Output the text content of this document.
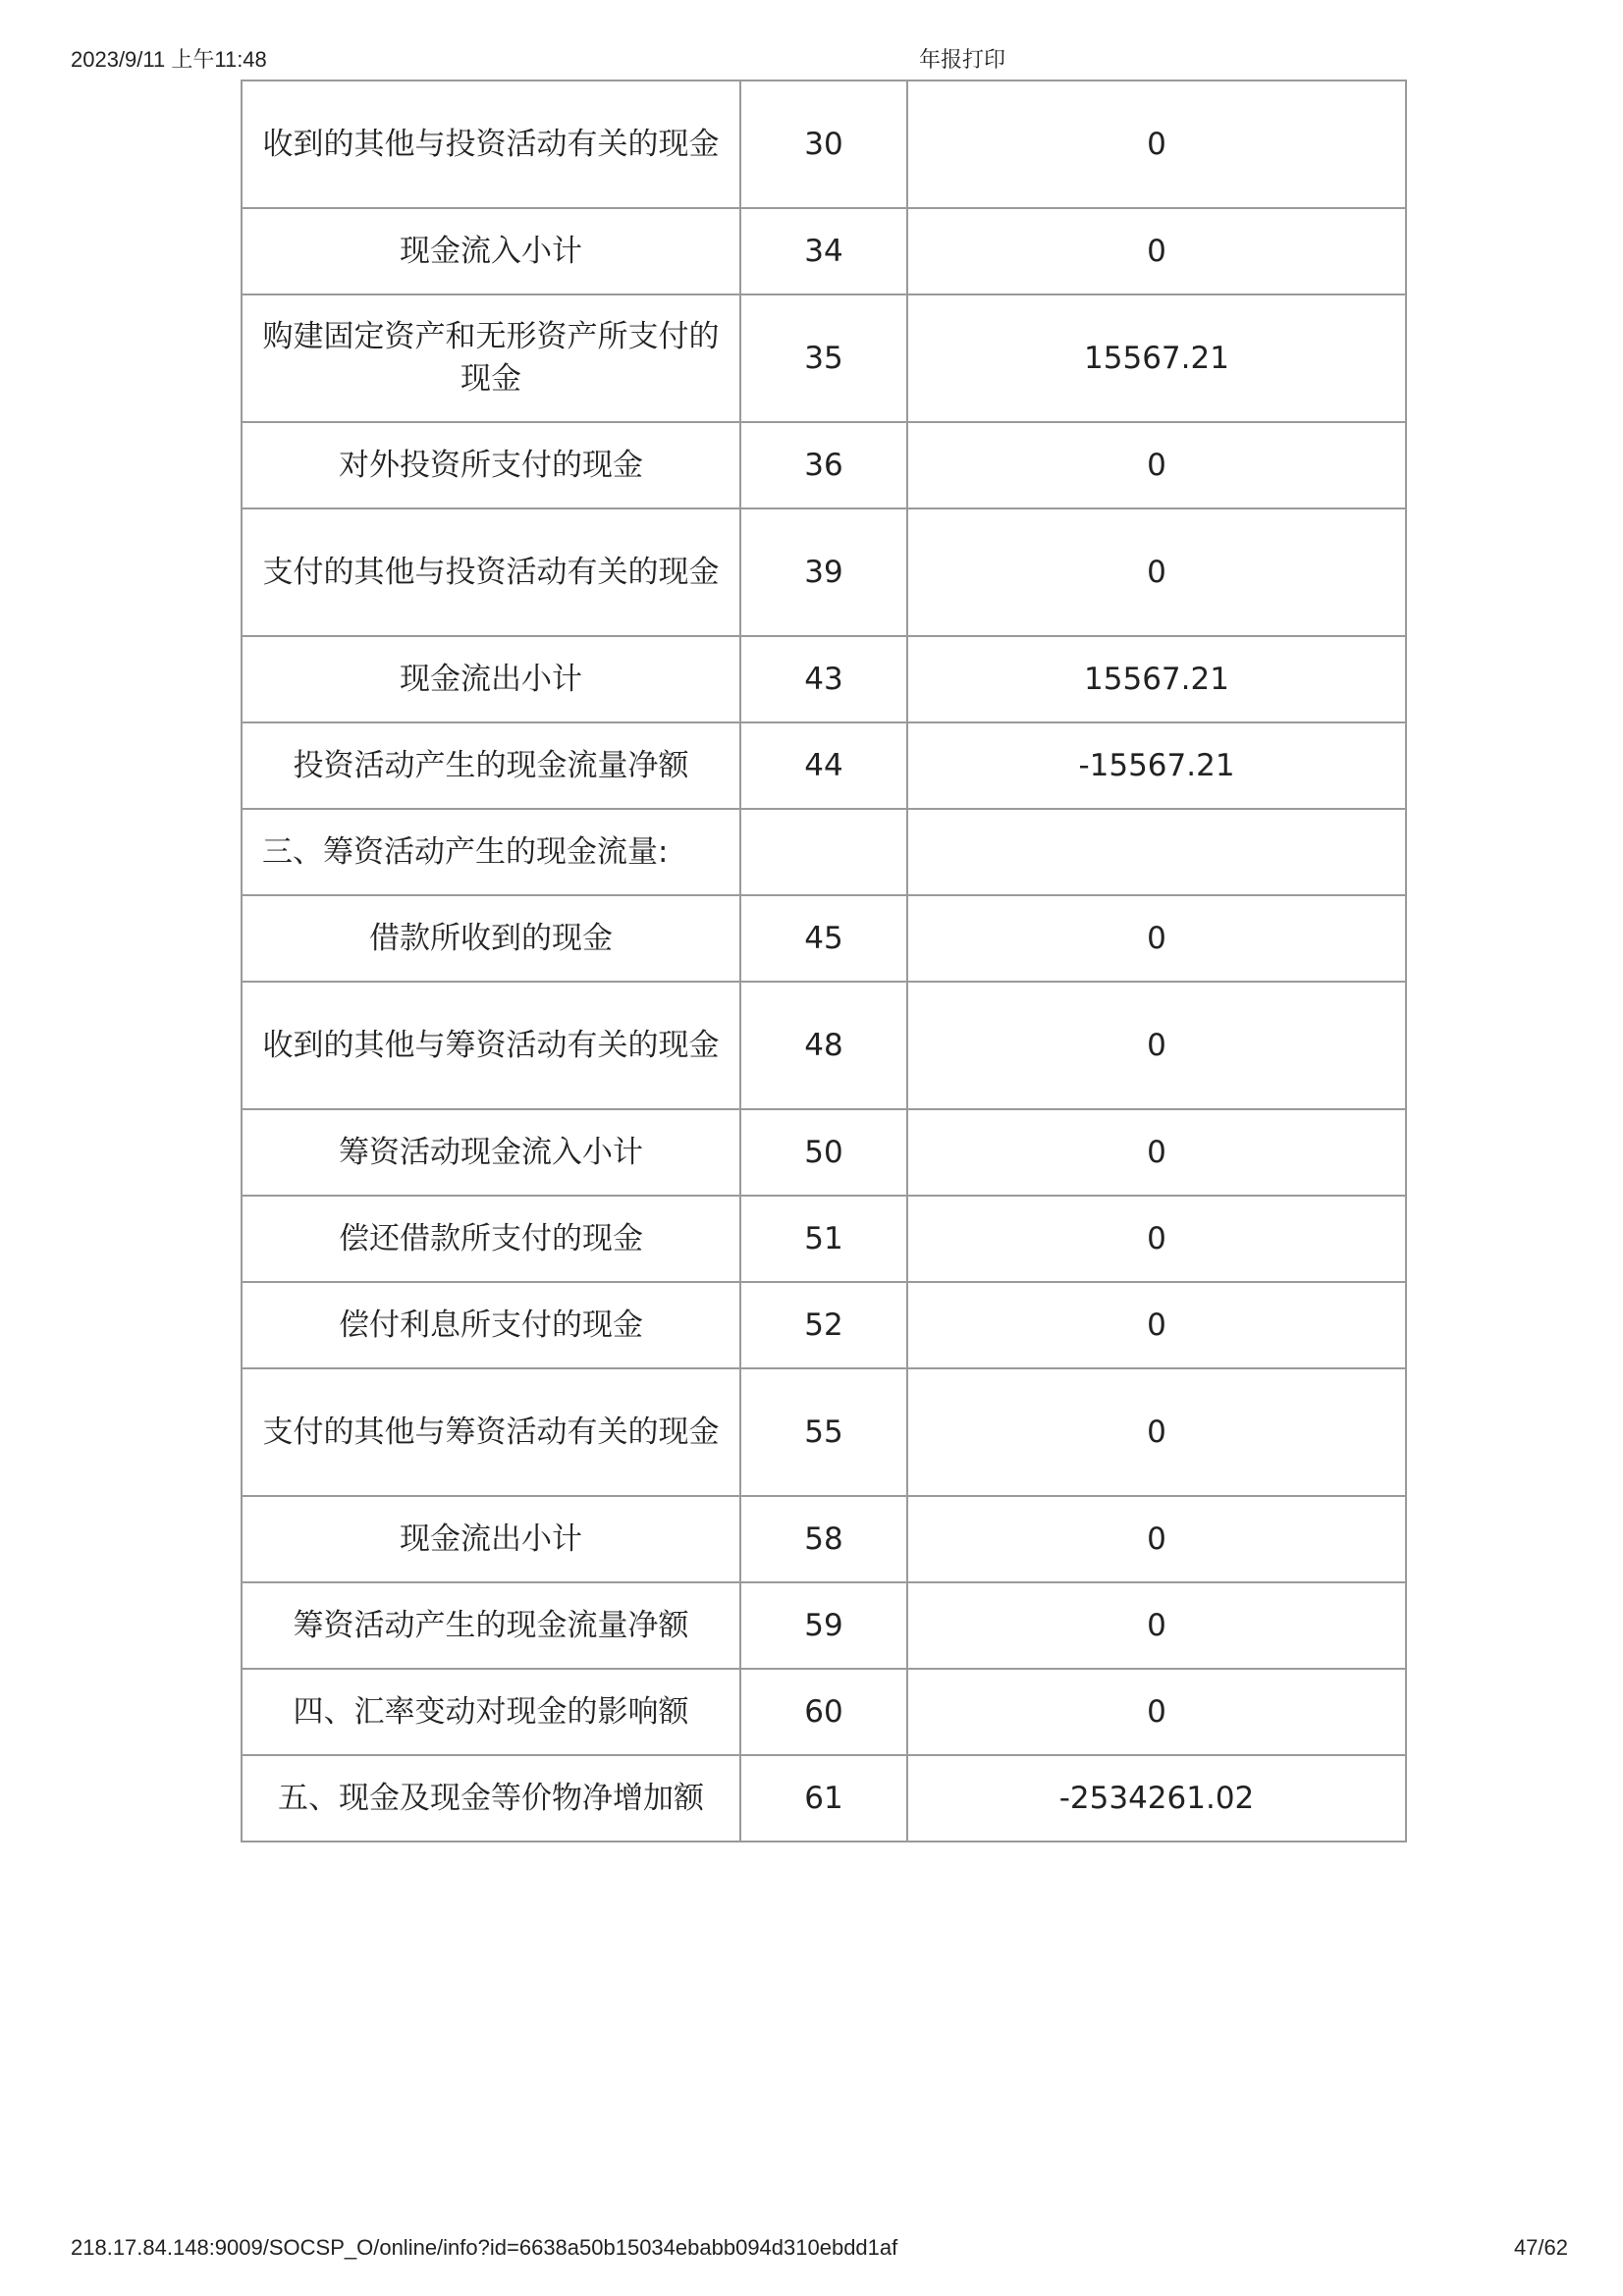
2023/9/11 上午11:48	年报打印
收到的其他与投资活动有关的现金	30	0
现金流入小计	34	0
购建固定资产和无形资产所支付的现金	35	15567.21
对外投资所支付的现金	36	0
支付的其他与投资活动有关的现金	39	0
现金流出小计	43	15567.21
投资活动产生的现金流量净额	44	-15567.21
三、筹资活动产生的现金流量:		
借款所收到的现金	45	0
收到的其他与筹资活动有关的现金	48	0
筹资活动现金流入小计	50	0
偿还借款所支付的现金	51	0
偿付利息所支付的现金	52	0
支付的其他与筹资活动有关的现金	55	0
现金流出小计	58	0
筹资活动产生的现金流量净额	59	0
四、汇率变动对现金的影响额	60	0
五、现金及现金等价物净增加额	61	-2534261.02
218.17.84.148:9009/SOCSP_O/online/info?id=6638a50b15034ebabb094d310ebdd1af	47/62
